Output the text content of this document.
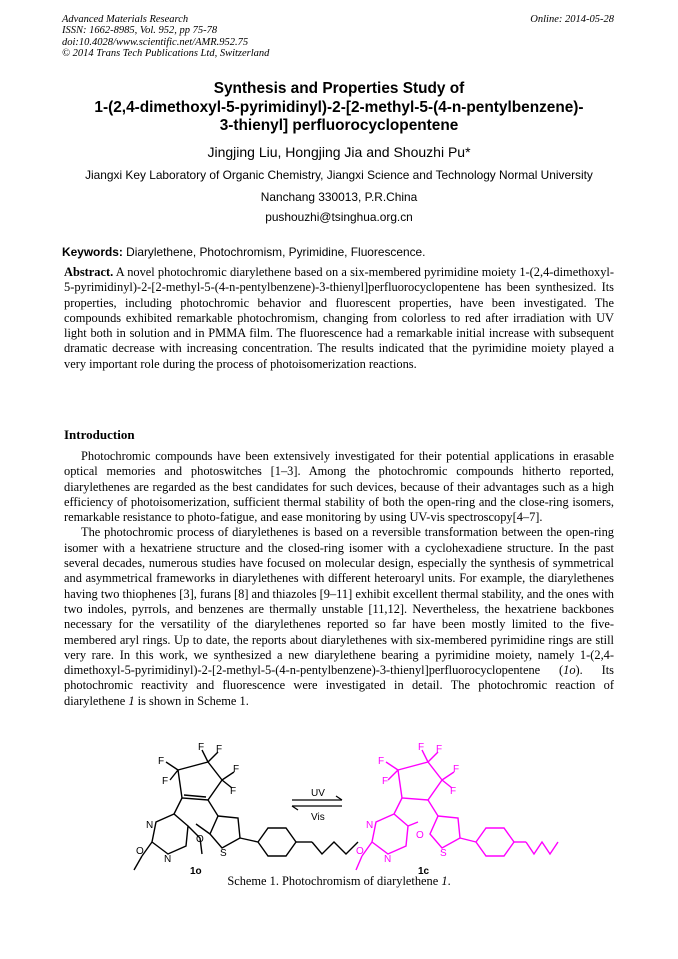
Advanced Materials Research
ISSN: 1662-8985, Vol. 952, pp 75-78
doi:10.4028/www.scientific.net/AMR.952.75
© 2014 Trans Tech Publications Ltd, Switzerland
Online: 2014-05-28
Synthesis and Properties Study of
1-(2,4-dimethoxyl-5-pyrimidinyl)-2-[2-methyl-5-(4-n-pentylbenzene)-
3-thienyl] perfluorocyclopentene
Jingjing Liu, Hongjing Jia and Shouzhi Pu*
Jiangxi Key Laboratory of Organic Chemistry, Jiangxi Science and Technology Normal University
Nanchang 330013, P.R.China
pushouzhi@tsinghua.org.cn
Keywords: Diarylethene, Photochromism, Pyrimidine, Fluorescence.

Abstract. A novel photochromic diarylethene based on a six-membered pyrimidine moiety 1-(2,4-dimethoxyl-5-pyrimidinyl)-2-[2-methyl-5-(4-n-pentylbenzene)-3-thienyl]perfluorocyclopentene has been synthesized. Its properties, including photochromic behavior and fluorescent properties, have been investigated. The compounds exhibited remarkable photochromism, changing from colorless to red after irradiation with UV light both in solution and in PMMA film. The fluorescence had a remarkable initial increase with subsequent dramatic decrease with increasing concentration. The results indicated that the pyrimidine moiety played a very important role during the process of photoisomerization reactions.

Introduction

Photochromic compounds have been extensively investigated for their potential applications in erasable optical memories and photoswitches [1–3]. Among the photochromic compounds hitherto reported, diarylethenes are regarded as the best candidates for such devices, because of their advantages such as a high efficiency of photoisomerization, sufficient thermal stability of both the open-ring and the close-ring isomers, remarkable resistance to photo-fatigue, and ease monitoring by using UV-vis spectroscopy[4–7].

The photochromic process of diarylethenes is based on a reversible transformation between the open-ring isomer with a hexatriene structure and the closed-ring isomer with a cyclohexadiene structure. In the past several decades, numerous studies have focused on molecular design, especially the synthesis of symmetrical and asymmetrical frameworks in diarylethenes with different heteroaryl units. For example, the diarylethenes having two thiophenes [3], furans [8] and thiazoles [9–11] exhibit excellent thermal stability, and the ones with two indoles, pyrrols, and benzenes are thermally unstable [11,12]. Nevertheless, the hexatriene backbones necessary for the versatility of the diarylethenes reported so far have been mostly limited to the five-membered aryl rings. Up to date, the reports about diarylethenes with six-membered pyrimidine rings are still very rare. In this work, we synthesized a new diarylethene bearing a pyrimidine moiety, namely 1-(2,4-dimethoxyl-5-pyrimidinyl)-2-[2-methyl-5-(4-n-pentylbenzene)-3-thienyl]perfluorocyclopentene (1o). Its photochromic reactivity and fluorescence were investigated in detail. The photochromic reaction of diarylethene 1 is shown in Scheme 1.

F
F
F F
F
F
N
N
O
O	S
UV
Vis
F
F
F F
F
F
N
N
O
O	S
1o	1c
Scheme 1. Photochromism of diarylethene 1.
